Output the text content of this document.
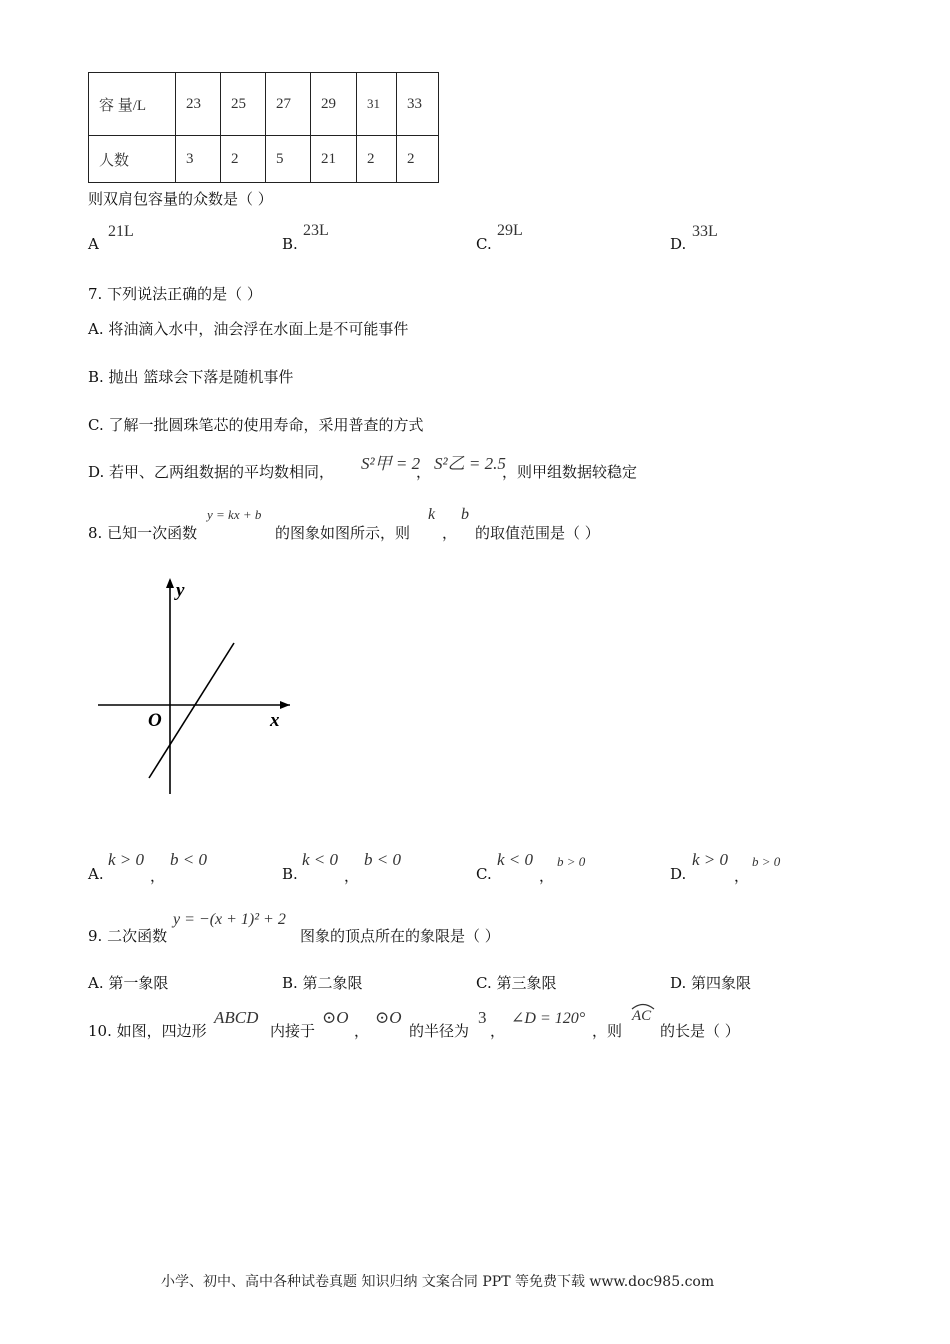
容 量/L	23	25	27	29	31	33
人数	3	2	5	21	2	2
则双肩包容量的众数是（ ）
A
21L
B.
23L
C.
29L
D.
33L
7. 下列说法正确的是（ ）
A. 将油滴入水中，油会浮在水面上是不可能事件
B. 抛出 篮球会下落是随机事件
C. 了解一批圆珠笔芯的使用寿命，采用普查的方式
D. 若甲、乙两组数据的平均数相同， S²甲 = 2
， S²乙 = 2.5
，则甲组数据较稳定
8. 已知一次函数
y = kx + b
的图象如图所示，则
k
，
b
的取值范围是（ ）
y
x
O
A.
k > 0
，
b < 0
B.
k < 0
，
b < 0
C.
k < 0
，
b > 0
D.
k > 0
，
b > 0
9. 二次函数
y = −(x + 1)² + 2
图象的顶点所在的象限是（ ）
A. 第一象限	B. 第二象限	C. 第三象限	D. 第四象限
10. 如图，四边形
ABCD
内接于
⊙O
，
⊙O
的半径为
3
，
∠D = 120°
，则
AC
的长是（ ）
小学、初中、高中各种试卷真题 知识归纳 文案合同 PPT 等免费下载 www.doc985.com
